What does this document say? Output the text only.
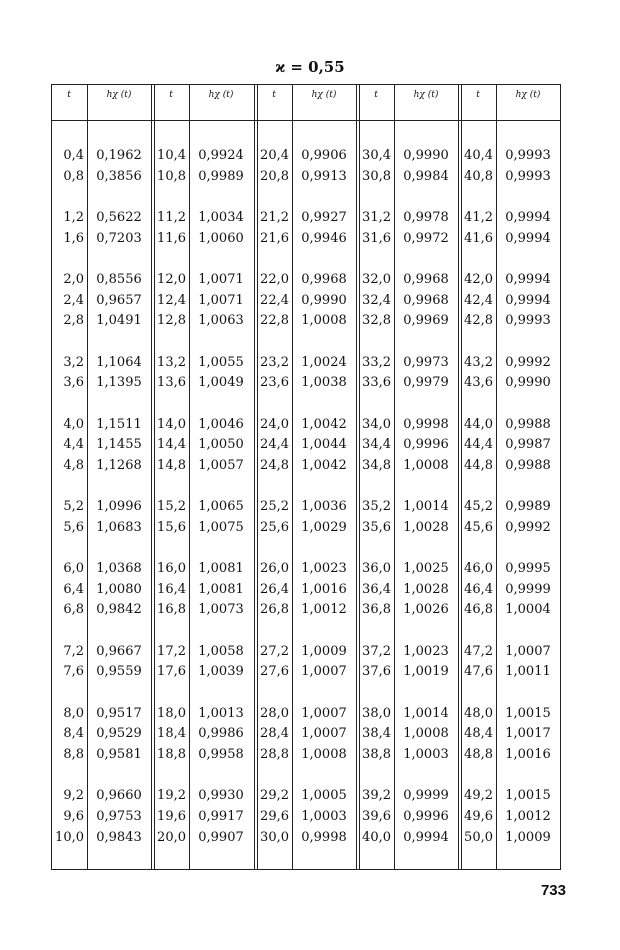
ϰ = 0,55
t	hχ (t)
0,4 0,1962
0,8 0,3856
1,2 0,5622
1,6 0,7203
2,0 0,8556
2,4 0,9657
2,8 1,0491
3,2 1,1064
3,6 1,1395
4,0 1,1511
4,4 1,1455
4,8 1,1268
5,2 1,0996
5,6 1,0683
6,0 1,0368
6,4 1,0080
6,8 0,9842
7,2 0,9667
7,6 0,9559
8,0 0,9517
8,4 0,9529
8,8 0,9581
9,2 0,9660
9,6 0,9753
10,0 0,9843
t	hχ (t)
10,4 0,9924
10,8 0,9989
11,2 1,0034
11,6 1,0060
12,0 1,0071
12,4 1,0071
12,8 1,0063
13,2 1,0055
13,6 1,0049
14,0 1,0046
14,4 1,0050
14,8 1,0057
15,2 1,0065
15,6 1,0075
16,0 1,0081
16,4 1,0081
16,8 1,0073
17,2 1,0058
17,6 1,0039
18,0 1,0013
18,4 0,9986
18,8 0,9958
19,2 0,9930
19,6 0,9917
20,0 0,9907
t	hχ (t)
20,4 0,9906
20,8 0,9913
21,2 0,9927
21,6 0,9946
22,0 0,9968
22,4 0,9990
22,8 1,0008
23,2 1,0024
23,6 1,0038
24,0 1,0042
24,4 1,0044
24,8 1,0042
25,2 1,0036
25,6 1,0029
26,0 1,0023
26,4 1,0016
26,8 1,0012
27,2 1,0009
27,6 1,0007
28,0 1,0007
28,4 1,0007
28,8 1,0008
29,2 1,0005
29,6 1,0003
30,0 0,9998
t	hχ (t)
30,4 0,9990
30,8 0,9984
31,2 0,9978
31,6 0,9972
32,0 0,9968
32,4 0,9968
32,8 0,9969
33,2 0,9973
33,6 0,9979
34,0 0,9998
34,4 0,9996
34,8 1,0008
35,2 1,0014
35,6 1,0028
36,0 1,0025
36,4 1,0028
36,8 1,0026
37,2 1,0023
37,6 1,0019
38,0 1,0014
38,4 1,0008
38,8 1,0003
39,2 0,9999
39,6 0,9996
40,0 0,9994
t	hχ (t)
40,4 0,9993
40,8 0,9993
41,2 0,9994
41,6 0,9994
42,0 0,9994
42,4 0,9994
42,8 0,9993
43,2 0,9992
43,6 0,9990
44,0 0,9988
44,4 0,9987
44,8 0,9988
45,2 0,9989
45,6 0,9992
46,0 0,9995
46,4 0,9999
46,8 1,0004
47,2 1,0007
47,6 1,0011
48,0 1,0015
48,4 1,0017
48,8 1,0016
49,2 1,0015
49,6 1,0012
50,0 1,0009
733
